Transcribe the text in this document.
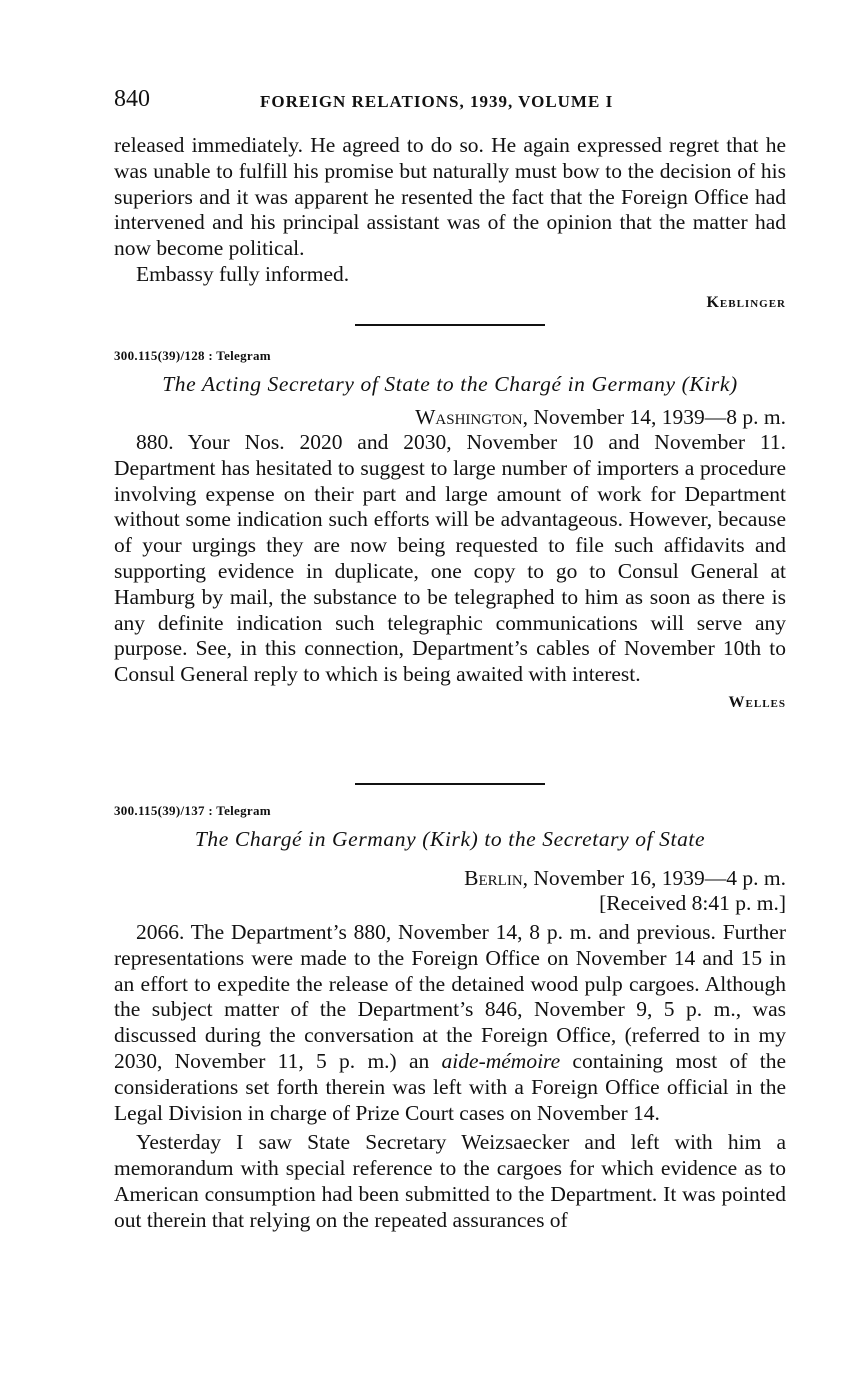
840	FOREIGN RELATIONS, 1939, VOLUME I

released immediately. He agreed to do so. He again expressed regret that he was unable to fulfill his promise but naturally must bow to the decision of his superiors and it was apparent he resented the fact that the Foreign Office had intervened and his principal assistant was of the opinion that the matter had now become political.

Embassy fully informed.

Keblinger
300.115(39)/128 : Telegram
The Acting Secretary of State to the Chargé in Germany (Kirk)
Washington, November 14, 1939—8 p. m.

880. Your Nos. 2020 and 2030, November 10 and November 11. Department has hesitated to suggest to large number of importers a procedure involving expense on their part and large amount of work for Department without some indication such efforts will be advantageous. However, because of your urgings they are now being requested to file such affidavits and supporting evidence in duplicate, one copy to go to Consul General at Hamburg by mail, the substance to be telegraphed to him as soon as there is any definite indication such telegraphic communications will serve any purpose. See, in this connection, Department’s cables of November 10th to Consul General reply to which is being awaited with interest.

Welles
300.115(39)/137 : Telegram
The Chargé in Germany (Kirk) to the Secretary of State
Berlin, November 16, 1939—4 p. m.
[Received 8:41 p. m.]

2066. The Department’s 880, November 14, 8 p. m. and previous. Further representations were made to the Foreign Office on November 14 and 15 in an effort to expedite the release of the detained wood pulp cargoes. Although the subject matter of the Department’s 846, November 9, 5 p. m., was discussed during the conversation at the Foreign Office, (referred to in my 2030, November 11, 5 p. m.) an aide-mémoire containing most of the considerations set forth therein was left with a Foreign Office official in the Legal Division in charge of Prize Court cases on November 14.

Yesterday I saw State Secretary Weizsaecker and left with him a memorandum with special reference to the cargoes for which evidence as to American consumption had been submitted to the Department. It was pointed out therein that relying on the repeated assurances of
